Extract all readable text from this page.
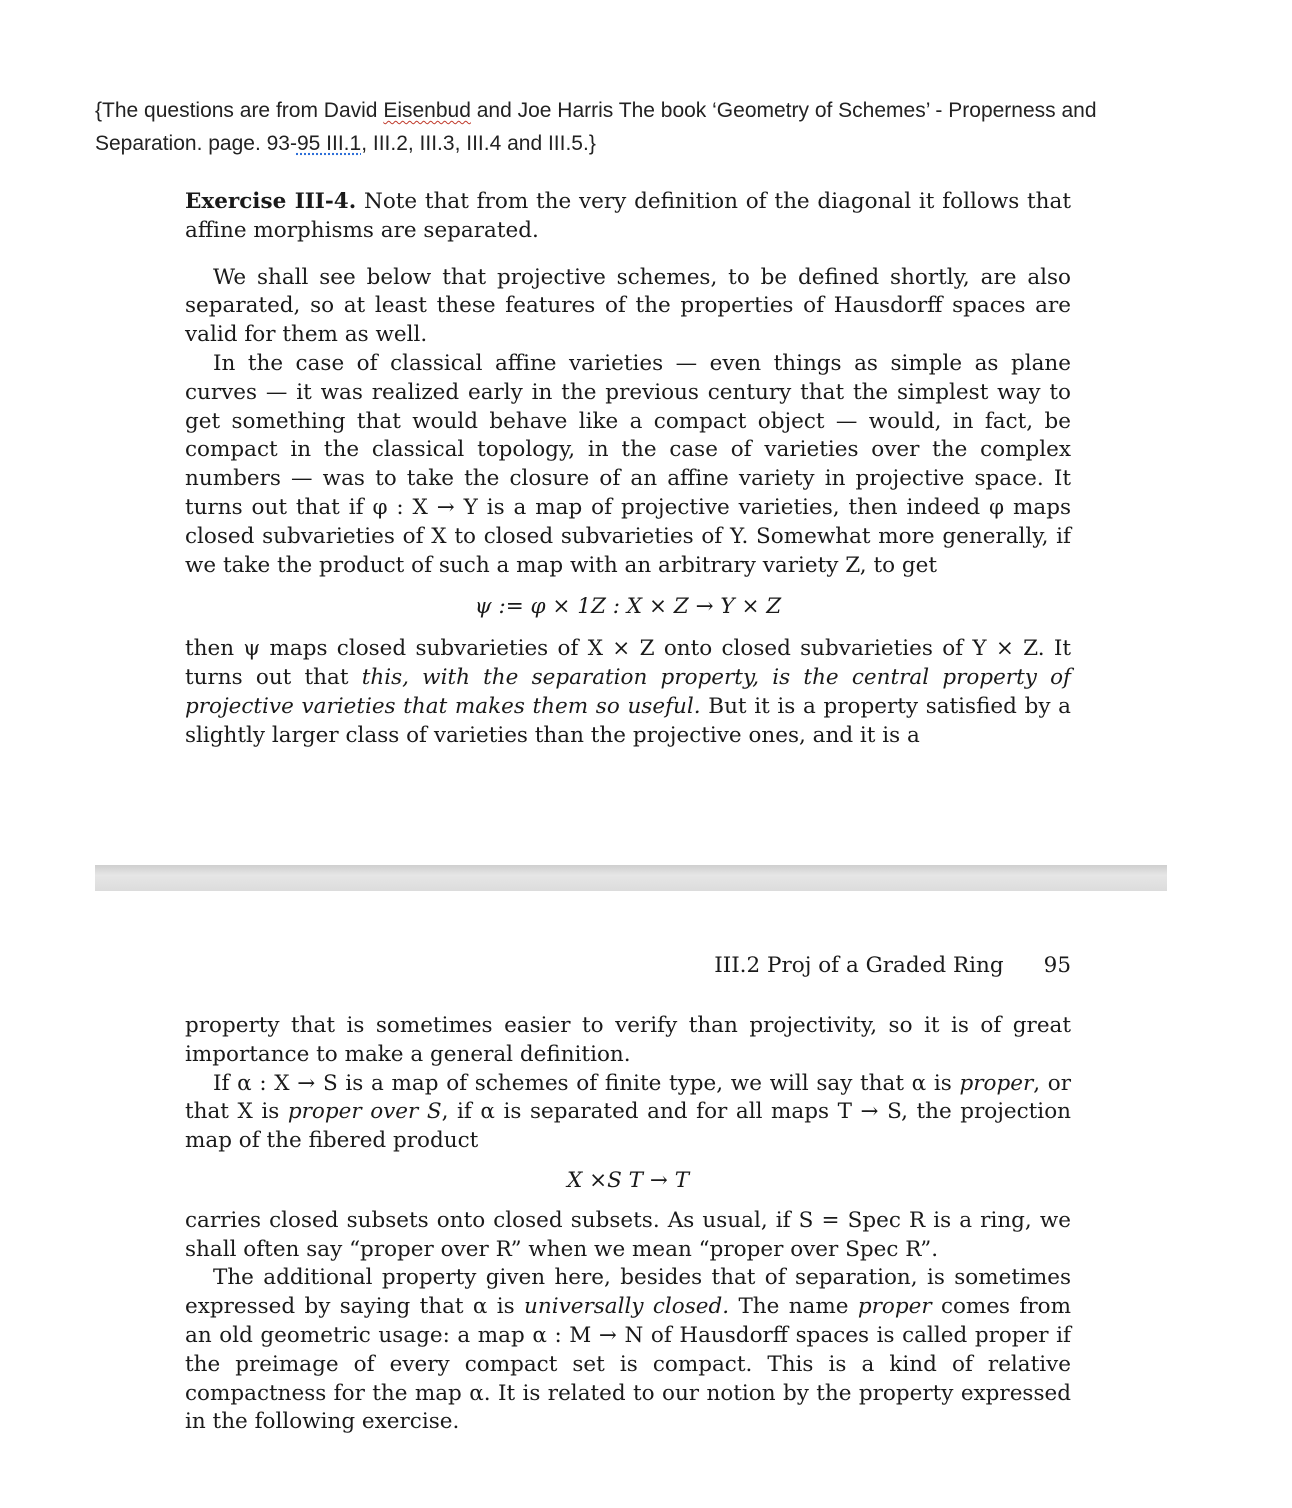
{The questions are from David Eisenbud and Joe Harris The book ‘Geometry of Schemes’ - Properness and Separation. page. 93-95 III.1, III.2, III.3, III.4 and III.5.}

Exercise III-4. Note that from the very definition of the diagonal it follows that affine morphisms are separated.

We shall see below that projective schemes, to be defined shortly, are also separated, so at least these features of the properties of Hausdorff spaces are valid for them as well.

In the case of classical affine varieties — even things as simple as plane curves — it was realized early in the previous century that the simplest way to get something that would behave like a compact object — would, in fact, be compact in the classical topology, in the case of varieties over the complex numbers — was to take the closure of an affine variety in projective space. It turns out that if φ : X → Y is a map of projective varieties, then indeed φ maps closed subvarieties of X to closed subvarieties of Y. Somewhat more generally, if we take the product of such a map with an arbitrary variety Z, to get

ψ := φ × 1Z : X × Z → Y × Z

then ψ maps closed subvarieties of X × Z onto closed subvarieties of Y × Z. It turns out that this, with the separation property, is the central property of projective varieties that makes them so useful. But it is a property satisfied by a slightly larger class of varieties than the projective ones, and it is a

III.2 Proj of a Graded Ring 95

property that is sometimes easier to verify than projectivity, so it is of great importance to make a general definition.

If α : X → S is a map of schemes of finite type, we will say that α is proper, or that X is proper over S, if α is separated and for all maps T → S, the projection map of the fibered product

X ×S T → T

carries closed subsets onto closed subsets. As usual, if S = Spec R is a ring, we shall often say “proper over R” when we mean “proper over Spec R”.

The additional property given here, besides that of separation, is sometimes expressed by saying that α is universally closed. The name proper comes from an old geometric usage: a map α : M → N of Hausdorff spaces is called proper if the preimage of every compact set is compact. This is a kind of relative compactness for the map α. It is related to our notion by the property expressed in the following exercise.
